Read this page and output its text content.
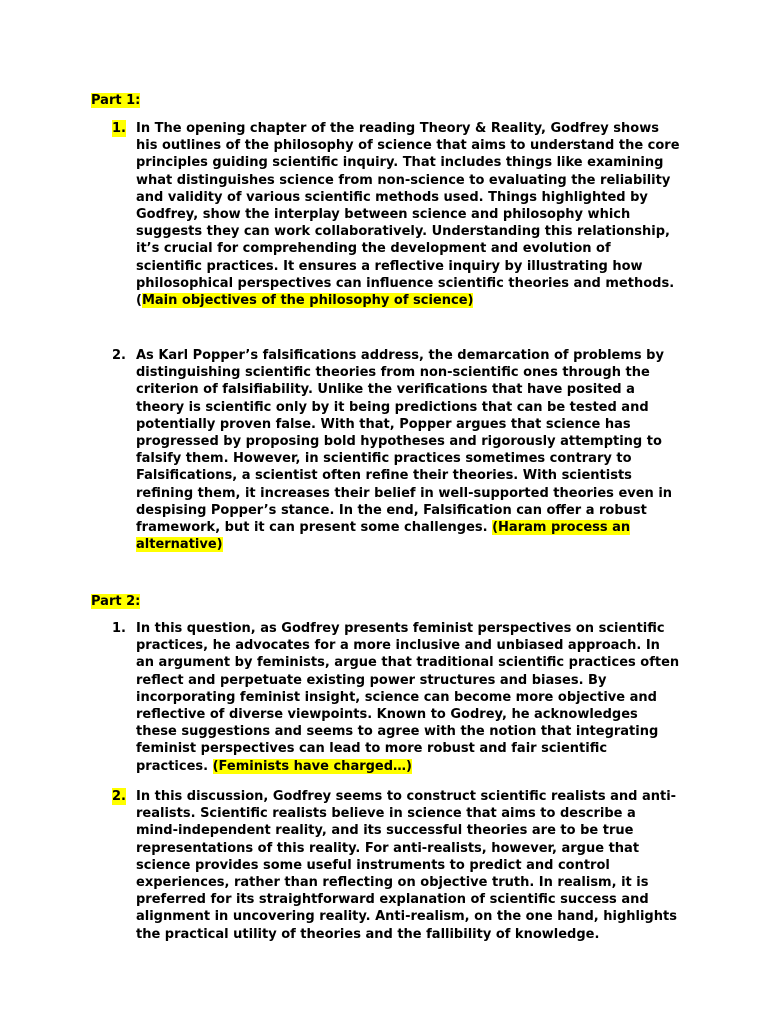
Part 1:
1. In The opening chapter of the reading Theory & Reality, Godfrey shows his outlines of the philosophy of science that aims to understand the core principles guiding scientific inquiry. That includes things like examining what distinguishes science from non-science to evaluating the reliability and validity of various scientific methods used. Things highlighted by Godfrey, show the interplay between science and philosophy which suggests they can work collaboratively. Understanding this relationship, it’s crucial for comprehending the development and evolution of scientific practices. It ensures a reflective inquiry by illustrating how philosophical perspectives can influence scientific theories and methods. (Main objectives of the philosophy of science)
2. As Karl Popper’s falsifications address, the demarcation of problems by distinguishing scientific theories from non-scientific ones through the criterion of falsifiability. Unlike the verifications that have posited a theory is scientific only by it being predictions that can be tested and potentially proven false. With that, Popper argues that science has progressed by proposing bold hypotheses and rigorously attempting to falsify them. However, in scientific practices sometimes contrary to Falsifications, a scientist often refine their theories. With scientists refining them, it increases their belief in well-supported theories even in despising Popper’s stance. In the end, Falsification can offer a robust framework, but it can present some challenges. (Haram process an alternative)
Part 2:
1. In this question, as Godfrey presents feminist perspectives on scientific practices, he advocates for a more inclusive and unbiased approach. In an argument by feminists, argue that traditional scientific practices often reflect and perpetuate existing power structures and biases. By incorporating feminist insight, science can become more objective and reflective of diverse viewpoints. Known to Godrey, he acknowledges these suggestions and seems to agree with the notion that integrating feminist perspectives can lead to more robust and fair scientific practices. (Feminists have charged…)
2. In this discussion, Godfrey seems to construct scientific realists and anti-realists. Scientific realists believe in science that aims to describe a mind-independent reality, and its successful theories are to be true representations of this reality. For anti-realists, however, argue that science provides some useful instruments to predict and control experiences, rather than reflecting on objective truth. In realism, it is preferred for its straightforward explanation of scientific success and alignment in uncovering reality. Anti-realism, on the one hand, highlights the practical utility of theories and the fallibility of knowledge.
